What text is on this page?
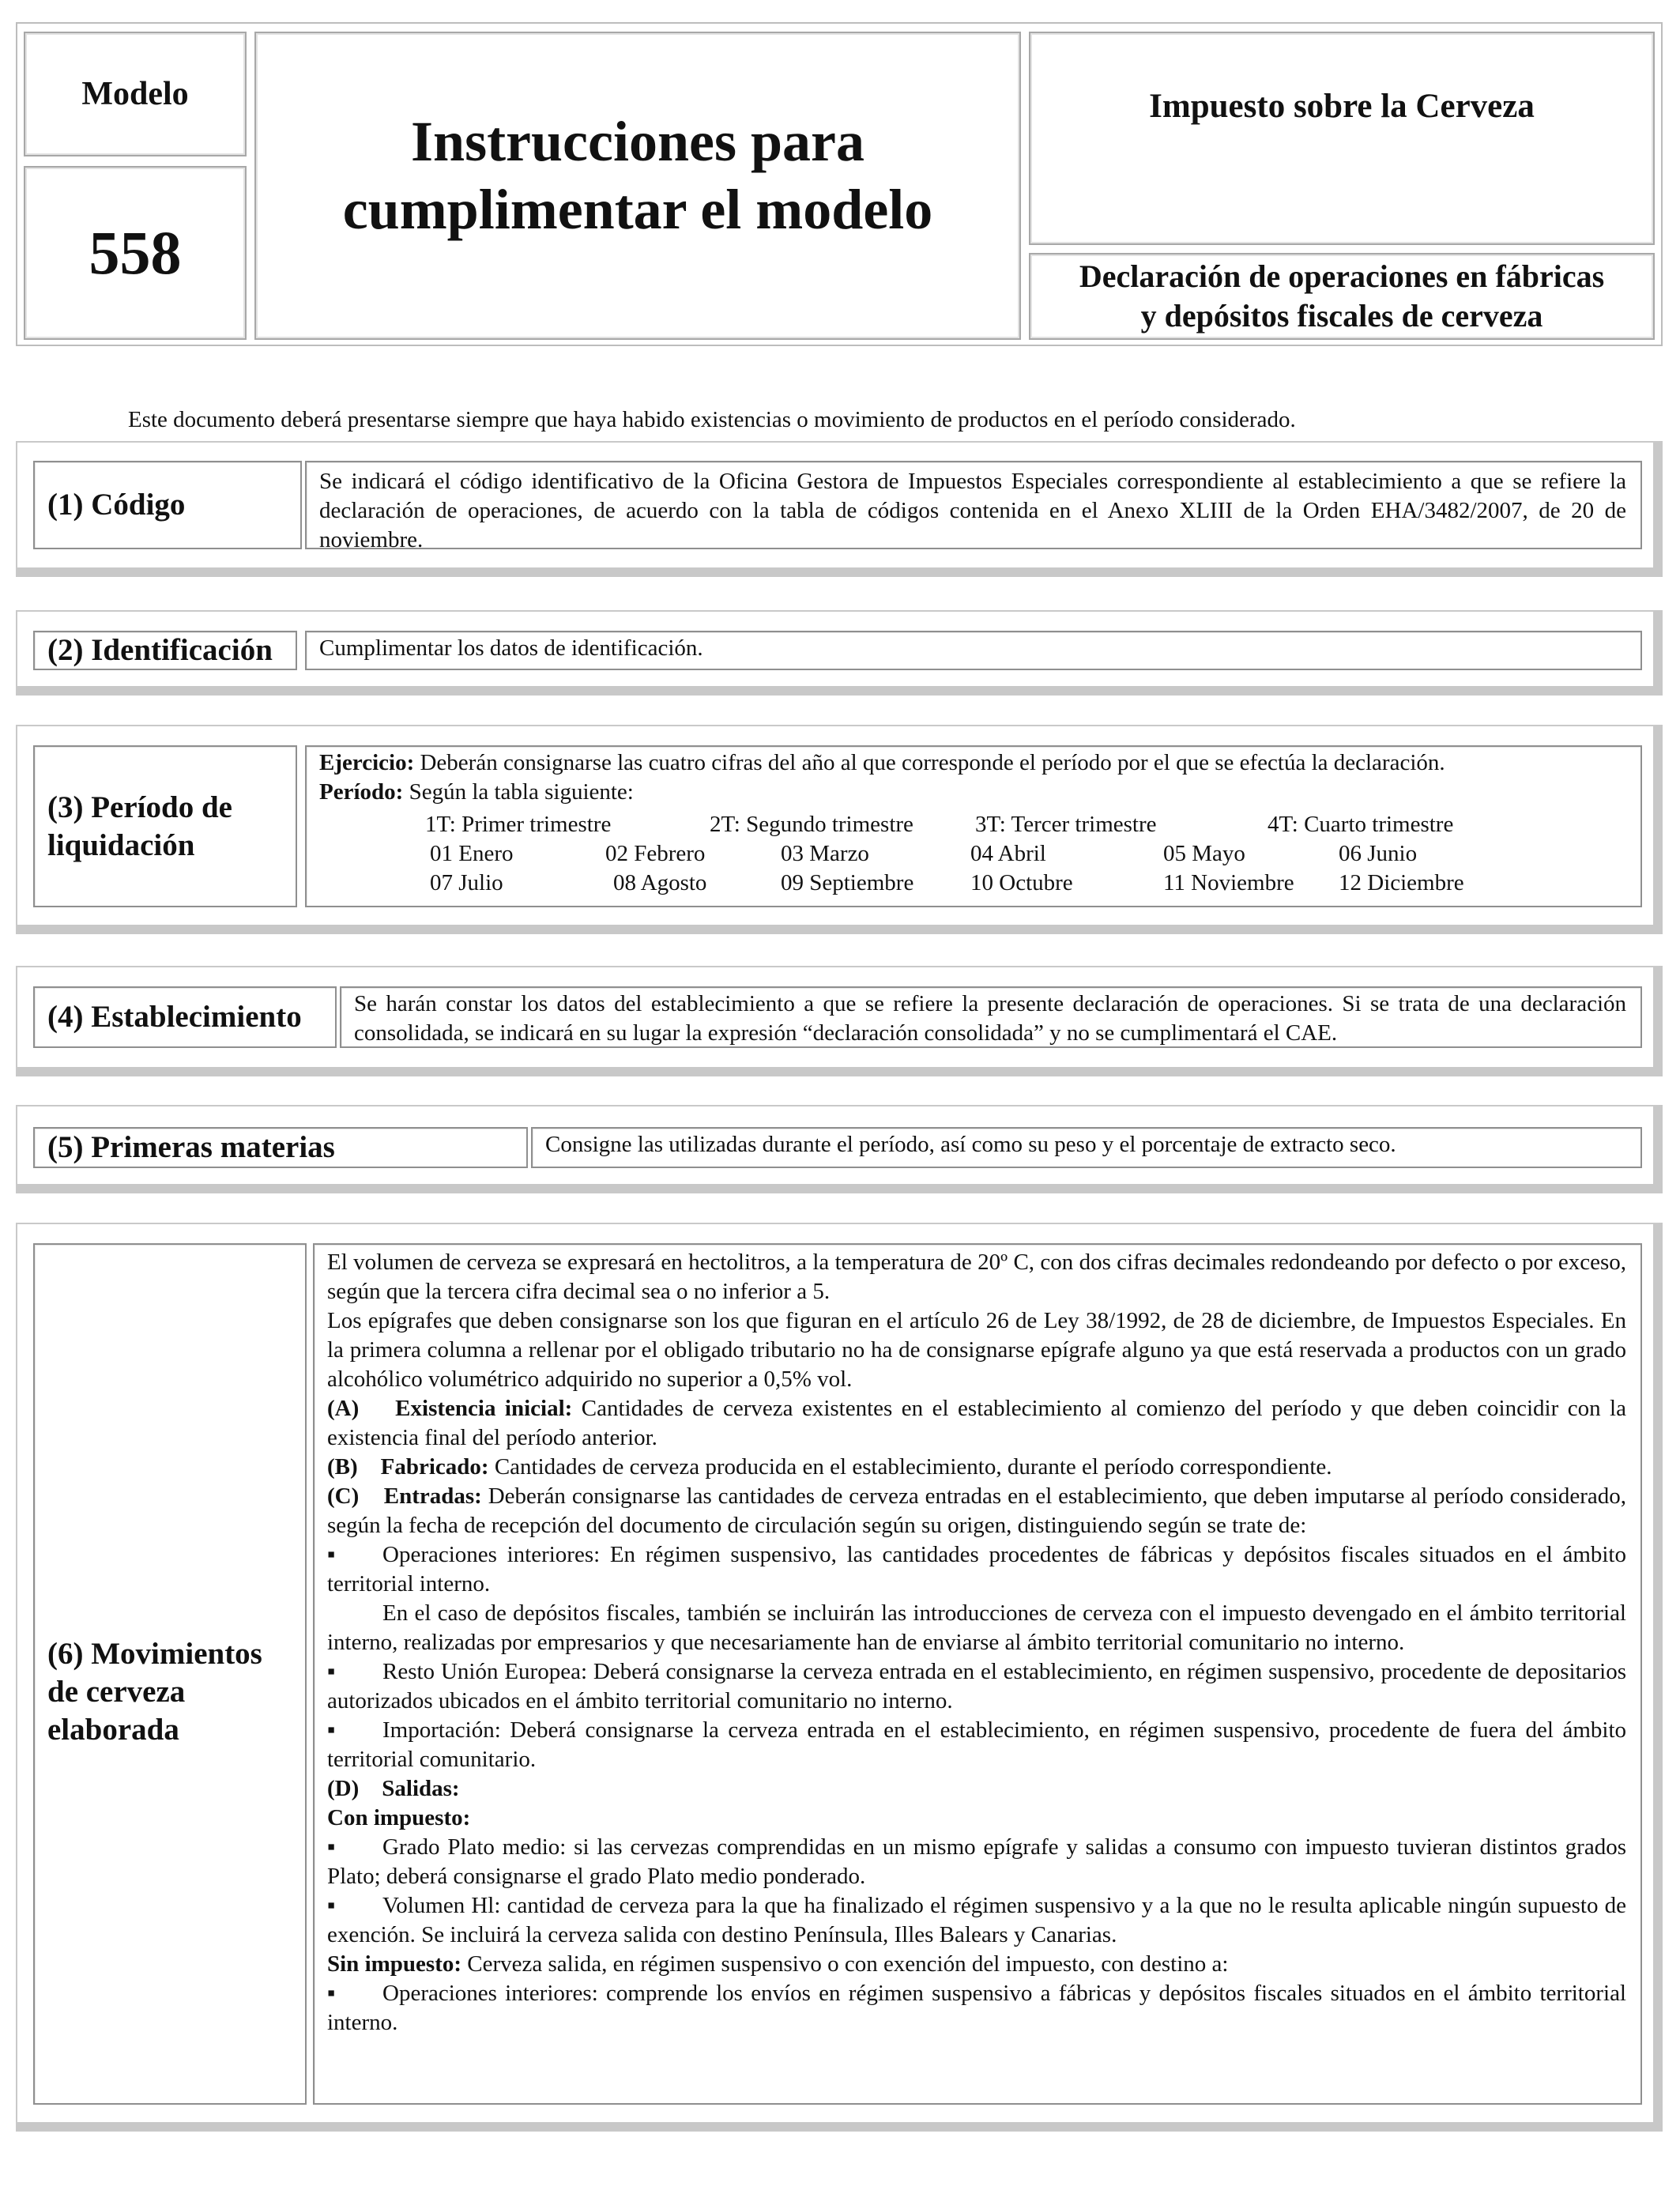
Modelo
558
Instrucciones para
cumplimentar el modelo
Impuesto sobre la Cerveza
Declaración de operaciones en fábricas
y depósitos fiscales de cerveza
Este documento deberá presentarse siempre que haya habido existencias o movimiento de productos en el período considerado.
(1) Código
Se indicará el código identificativo de la Oficina Gestora de Impuestos Especiales correspondiente al establecimiento a que se refiere la declaración de operaciones, de acuerdo con la tabla de códigos contenida en el Anexo XLIII de la Orden EHA/3482/2007, de 20 de noviembre.
(2) Identificación	Cumplimentar los datos de identificación.
(3) Período de
liquidación
Ejercicio: Deberán consignarse las cuatro cifras del año al que corresponde el período por el que se efectúa la declaración.
Período: Según la tabla siguiente:
1T: Primer trimestre	2T: Segundo trimestre	3T: Tercer trimestre	4T: Cuarto trimestre
01 Enero	02 Febrero	03 Marzo	04 Abril	05 Mayo	06 Junio
07 Julio	08 Agosto	09 Septiembre	10 Octubre	11 Noviembre	12 Diciembre
(4) Establecimiento	Se harán constar los datos del establecimiento a que se refiere la presente declaración de operaciones. Si se trata de una declaración consolidada, se indicará en su lugar la expresión “declaración consolidada” y no se cumplimentará el CAE.
(5) Primeras materias	Consigne las utilizadas durante el período, así como su peso y el porcentaje de extracto seco.
(6) Movimientos
de cerveza
elaborada
El volumen de cerveza se expresará en hectolitros, a la temperatura de 20º C, con dos cifras decimales redondeando por defecto o por exceso, según que la tercera cifra decimal sea o no inferior a 5.
Los epígrafes que deben consignarse son los que figuran en el artículo 26 de Ley 38/1992, de 28 de diciembre, de Impuestos Especiales. En la primera columna a rellenar por el obligado tributario no ha de consignarse epígrafe alguno ya que está reservada a productos con un grado alcohólico volumétrico adquirido no superior a 0,5% vol.
(A)    Existencia inicial: Cantidades de cerveza existentes en el establecimiento al comienzo del período y que deben coincidir con la existencia final del período anterior.
(B)    Fabricado: Cantidades de cerveza producida en el establecimiento, durante el período correspondiente.
(C)    Entradas: Deberán consignarse las cantidades de cerveza entradas en el establecimiento, que deben imputarse al período considerado, según la fecha de recepción del documento de circulación según su origen, distinguiendo según se trate de:
▪ Operaciones interiores: En régimen suspensivo, las cantidades procedentes de fábricas y depósitos fiscales situados en el ámbito territorial interno.
En el caso de depósitos fiscales, también se incluirán las introducciones de cerveza con el impuesto devengado en el ámbito territorial interno, realizadas por empresarios y que necesariamente han de enviarse al ámbito territorial comunitario no interno.
▪ Resto Unión Europea: Deberá consignarse la cerveza entrada en el establecimiento, en régimen suspensivo, procedente de depositarios autorizados ubicados en el ámbito territorial comunitario no interno.
▪ Importación: Deberá consignarse la cerveza entrada en el establecimiento, en régimen suspensivo, procedente de fuera del ámbito territorial comunitario.
(D)    Salidas:
Con impuesto:
▪ Grado Plato medio: si las cervezas comprendidas en un mismo epígrafe y salidas a consumo con impuesto tuvieran distintos grados Plato; deberá consignarse el grado Plato medio ponderado.
▪ Volumen Hl: cantidad de cerveza para la que ha finalizado el régimen suspensivo y a la que no le resulta aplicable ningún supuesto de exención. Se incluirá la cerveza salida con destino Península, Illes Balears y Canarias.
Sin impuesto: Cerveza salida, en régimen suspensivo o con exención del impuesto, con destino a:
▪ Operaciones interiores: comprende los envíos en régimen suspensivo a fábricas y depósitos fiscales situados en el ámbito territorial interno.
